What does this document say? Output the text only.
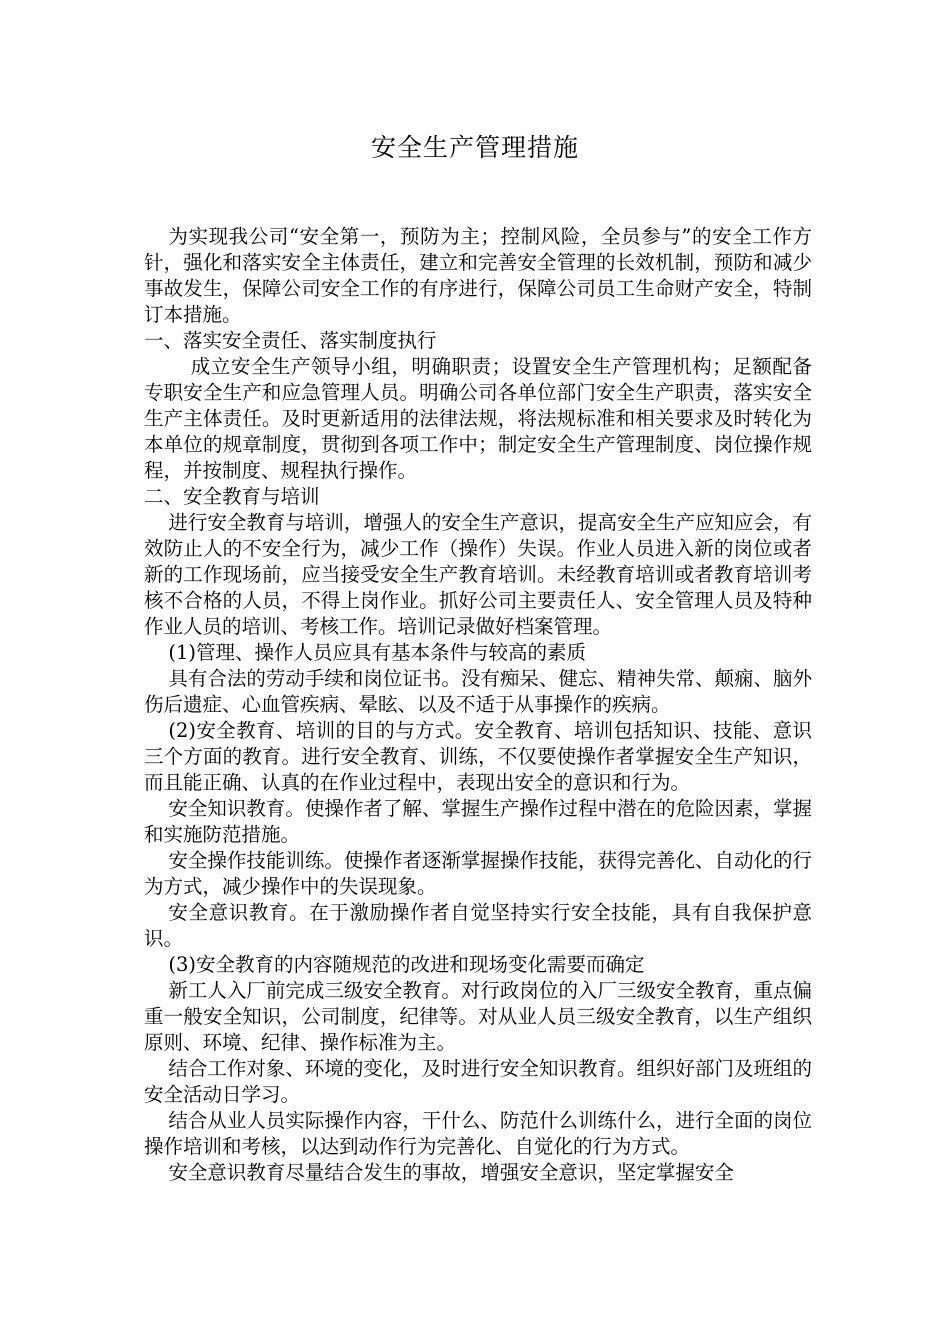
安全生产管理措施

为实现我公司“安全第一，预防为主；控制风险，全员参与”的安全工作方针，强化和落实安全主体责任，建立和完善安全管理的长效机制，预防和减少事故发生，保障公司安全工作的有序进行，保障公司员工生命财产安全，特制订本措施。

一、落实安全责任、落实制度执行

成立安全生产领导小组，明确职责；设置安全生产管理机构；足额配备专职安全生产和应急管理人员。明确公司各单位部门安全生产职责，落实安全生产主体责任。及时更新适用的法律法规，将法规标准和相关要求及时转化为本单位的规章制度，贯彻到各项工作中；制定安全生产管理制度、岗位操作规程，并按制度、规程执行操作。

二、安全教育与培训

进行安全教育与培训，增强人的安全生产意识，提高安全生产应知应会，有效防止人的不安全行为，减少工作（操作）失误。作业人员进入新的岗位或者新的工作现场前，应当接受安全生产教育培训。未经教育培训或者教育培训考核不合格的人员，不得上岗作业。抓好公司主要责任人、安全管理人员及特种作业人员的培训、考核工作。培训记录做好档案管理。

(1)管理、操作人员应具有基本条件与较高的素质

具有合法的劳动手续和岗位证书。没有痴呆、健忘、精神失常、颠痫、脑外伤后遗症、心血管疾病、晕眩、以及不适于从事操作的疾病。

(2)安全教育、培训的目的与方式。安全教育、培训包括知识、技能、意识三个方面的教育。进行安全教育、训练，不仅要使操作者掌握安全生产知识，而且能正确、认真的在作业过程中，表现出安全的意识和行为。

安全知识教育。使操作者了解、掌握生产操作过程中潜在的危险因素，掌握和实施防范措施。

安全操作技能训练。使操作者逐渐掌握操作技能，获得完善化、自动化的行为方式，减少操作中的失误现象。

安全意识教育。在于激励操作者自觉坚持实行安全技能，具有自我保护意识。

(3)安全教育的内容随规范的改进和现场变化需要而确定

新工人入厂前完成三级安全教育。对行政岗位的入厂三级安全教育，重点偏重一般安全知识，公司制度，纪律等。对从业人员三级安全教育，以生产组织原则、环境、纪律、操作标准为主。

结合工作对象、环境的变化，及时进行安全知识教育。组织好部门及班组的安全活动日学习。

结合从业人员实际操作内容，干什么、防范什么训练什么，进行全面的岗位操作培训和考核，以达到动作行为完善化、自觉化的行为方式。

安全意识教育尽量结合发生的事故，增强安全意识，坚定掌握安全
